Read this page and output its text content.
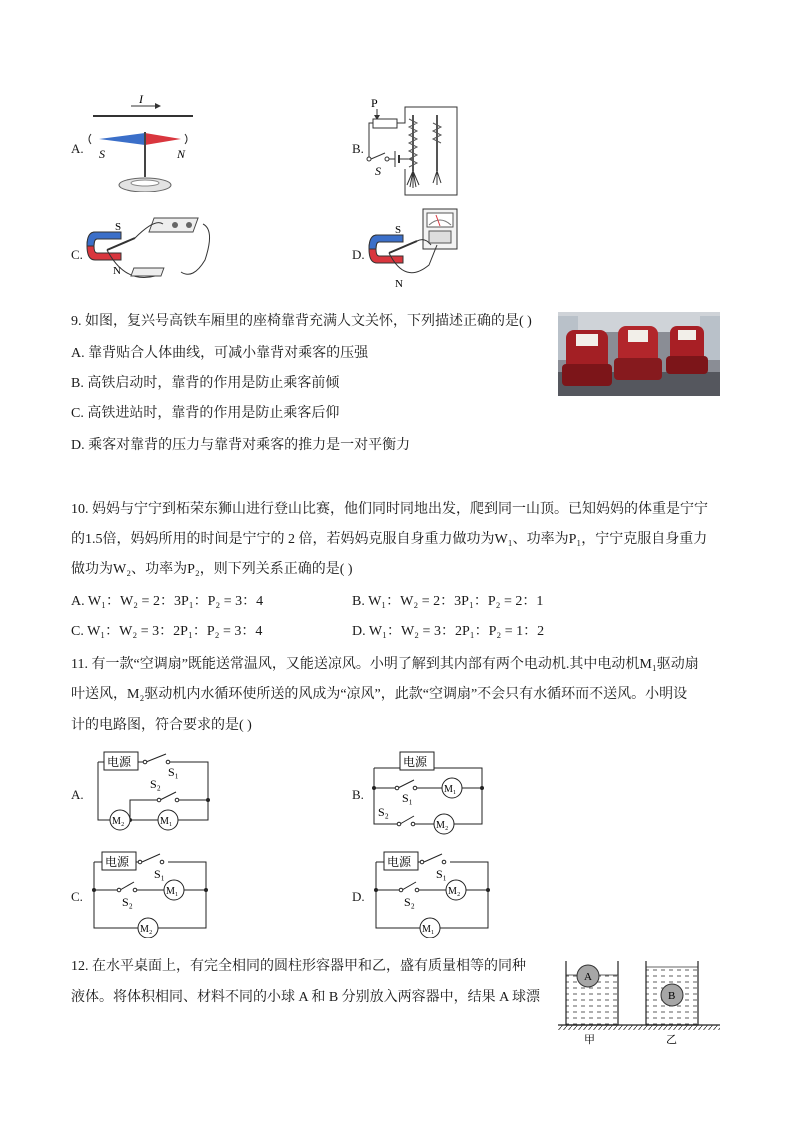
A.
I
S	N	B.
P
S
C.
S
N
D.
S
N
9. 如图，复兴号高铁车厢里的座椅靠背充满人文关怀，下列描述正确的是( )
A. 靠背贴合人体曲线，可减小靠背对乘客的压强
B. 高铁启动时，靠背的作用是防止乘客前倾
C. 高铁进站时，靠背的作用是防止乘客后仰
D. 乘客对靠背的压力与靠背对乘客的推力是一对平衡力
10. 妈妈与宁宁到柘荣东狮山进行登山比赛，他们同时同地出发，爬到同一山顶。已知妈妈的体重是宁宁
的1.5倍，妈妈所用的时间是宁宁的 2 倍，若妈妈克服自身重力做功为W₁、功率为P₁，宁宁克服自身重力
做功为W₂、功率为P₂，则下列关系正确的是( )
A. W₁：W₂ = 2：3P₁：P₂ = 3：4	B. W₁：W₂ = 2：3P₁：P₂ = 2：1
C. W₁：W₂ = 3：2P₁：P₂ = 3：4	D. W₁：W₂ = 3：2P₁：P₂ = 1：2
11. 有一款“空调扇”既能送常温风，又能送凉风。小明了解到其内部有两个电动机.其中电动机M₁驱动扇
叶送风，M₂驱动机内水循环使所送的风成为“凉风”，此款“空调扇”不会只有水循环而不送风。小明设
计的电路图，符合要求的是( )
A.
电源
S₁
S₂
M₂	M₁
B.
电源
S₁
S₂
M₁
M₂
C.
电源
S₁
S₂
M₁
M₂
D.
电源
S₁
S₂
M₂
M₁
12. 在水平桌面上，有完全相同的圆柱形容器甲和乙，盛有质量相等的同种
液体。将体积相同、材料不同的小球 A 和 B 分别放入两容器中，结果 A 球漂
A
B
甲	乙
